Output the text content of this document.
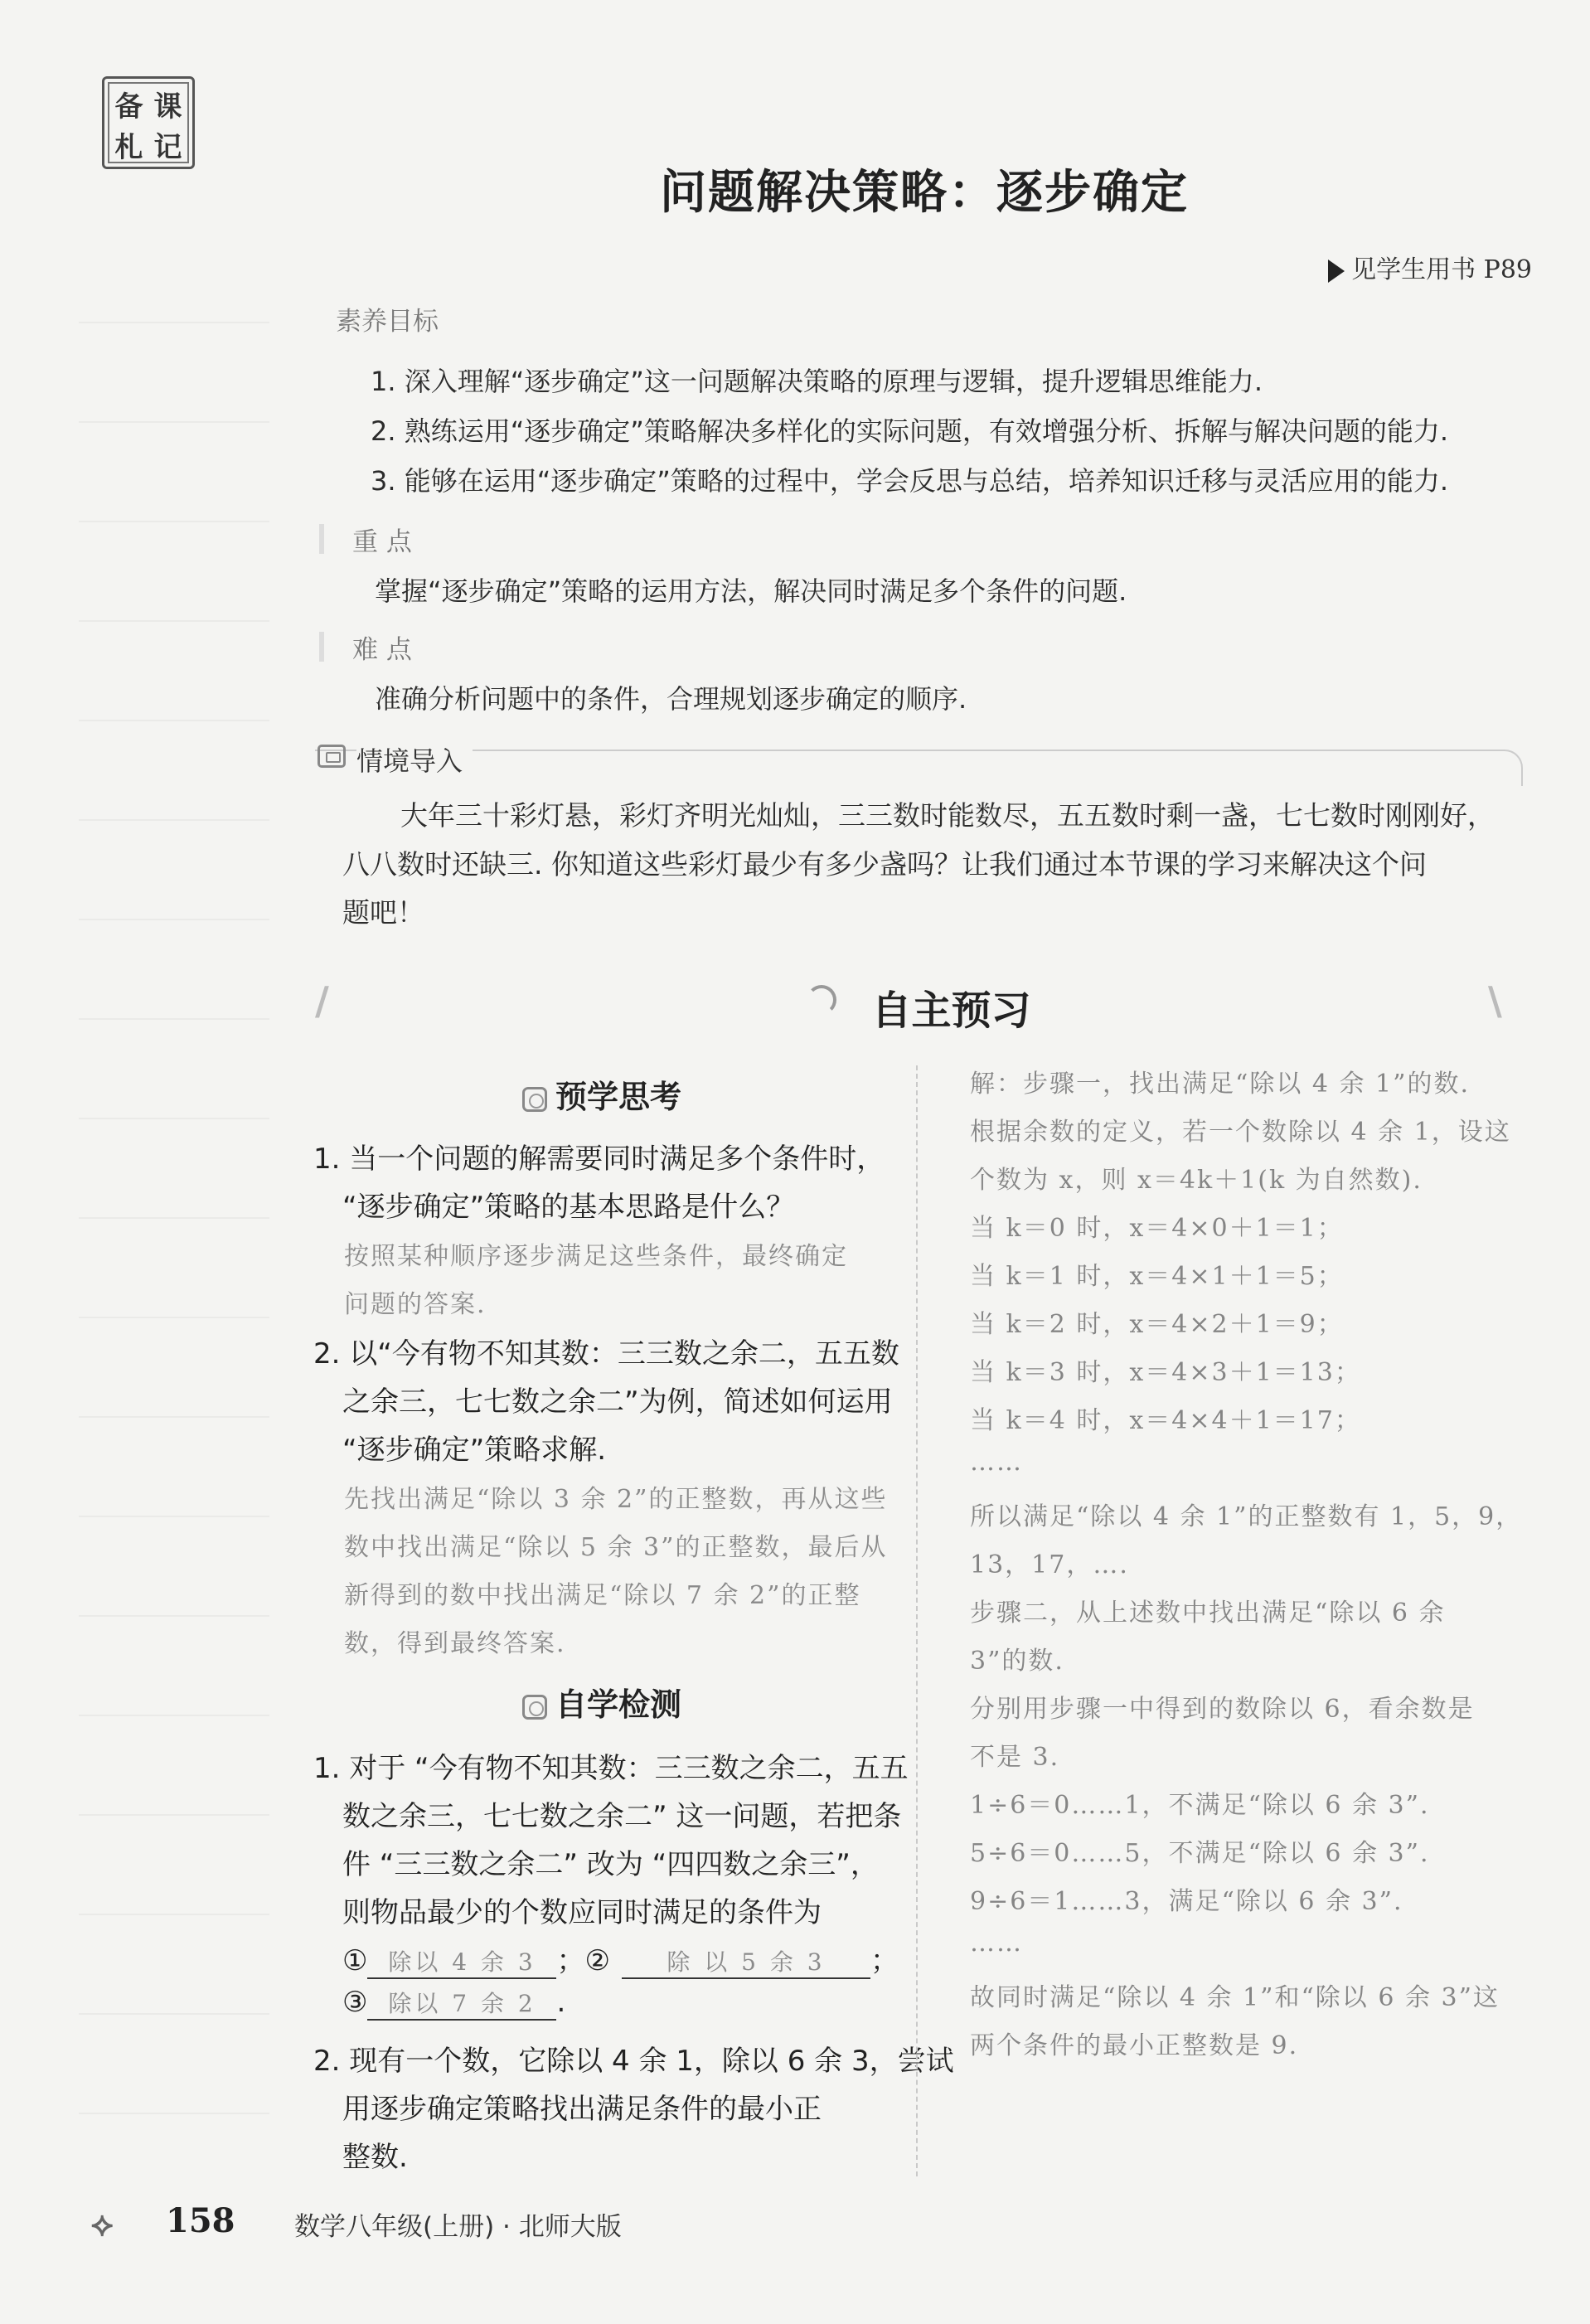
备 课
札 记
问题解决策略：逐步确定
见学生用书 P89
素养目标
1. 深入理解“逐步确定”这一问题解决策略的原理与逻辑，提升逻辑思维能力.
2. 熟练运用“逐步确定”策略解决多样化的实际问题，有效增强分析、拆解与解决问题的能力.
3. 能够在运用“逐步确定”策略的过程中，学会反思与总结，培养知识迁移与灵活应用的能力.
重 点
掌握“逐步确定”策略的运用方法，解决同时满足多个条件的问题.
难 点
准确分析问题中的条件，合理规划逐步确定的顺序.
情境导入
大年三十彩灯悬，彩灯齐明光灿灿，三三数时能数尽，五五数时剩一盏，七七数时刚刚好，
八八数时还缺三. 你知道这些彩灯最少有多少盏吗？让我们通过本节课的学习来解决这个问
题吧！
/	\
自主预习
预学思考
1. 当一个问题的解需要同时满足多个条件时，
“逐步确定”策略的基本思路是什么？
按照某种顺序逐步满足这些条件，最终确定
问题的答案.
2. 以“今有物不知其数：三三数之余二，五五数
之余三，七七数之余二”为例，简述如何运用
“逐步确定”策略求解.
先找出满足“除以 3 余 2”的正整数，再从这些
数中找出满足“除以 5 余 3”的正整数，最后从
新得到的数中找出满足“除以 7 余 2”的正整
数，得到最终答案.
自学检测
1. 对于 “今有物不知其数：三三数之余二，五五
数之余三，七七数之余二” 这一问题，若把条
件 “三三数之余二” 改为 “四四数之余三”，
则物品最少的个数应同时满足的条件为
① 除以 4 余 3 ；② 除 以 5 余 3 ；
③ 除以 7 余 2 .
2. 现有一个数，它除以 4 余 1，除以 6 余 3，尝试
用逐步确定策略找出满足条件的最小正
整数.
解：步骤一，找出满足“除以 4 余 1”的数.
根据余数的定义，若一个数除以 4 余 1，设这
个数为 x，则 x＝4k＋1(k 为自然数).
当 k＝0 时，x＝4×0＋1＝1；
当 k＝1 时，x＝4×1＋1＝5；
当 k＝2 时，x＝4×2＋1＝9；
当 k＝3 时，x＝4×3＋1＝13；
当 k＝4 时，x＝4×4＋1＝17；
……
所以满足“除以 4 余 1”的正整数有 1，5，9，
13，17，….
步骤二，从上述数中找出满足“除以 6 余
3”的数.
分别用步骤一中得到的数除以 6，看余数是
不是 3.
1÷6＝0……1，不满足“除以 6 余 3”.
5÷6＝0……5，不满足“除以 6 余 3”.
9÷6＝1……3，满足“除以 6 余 3”.
……
故同时满足“除以 4 余 1”和“除以 6 余 3”这
两个条件的最小正整数是 9.
⟡ 158 数学八年级(上册) · 北师大版
